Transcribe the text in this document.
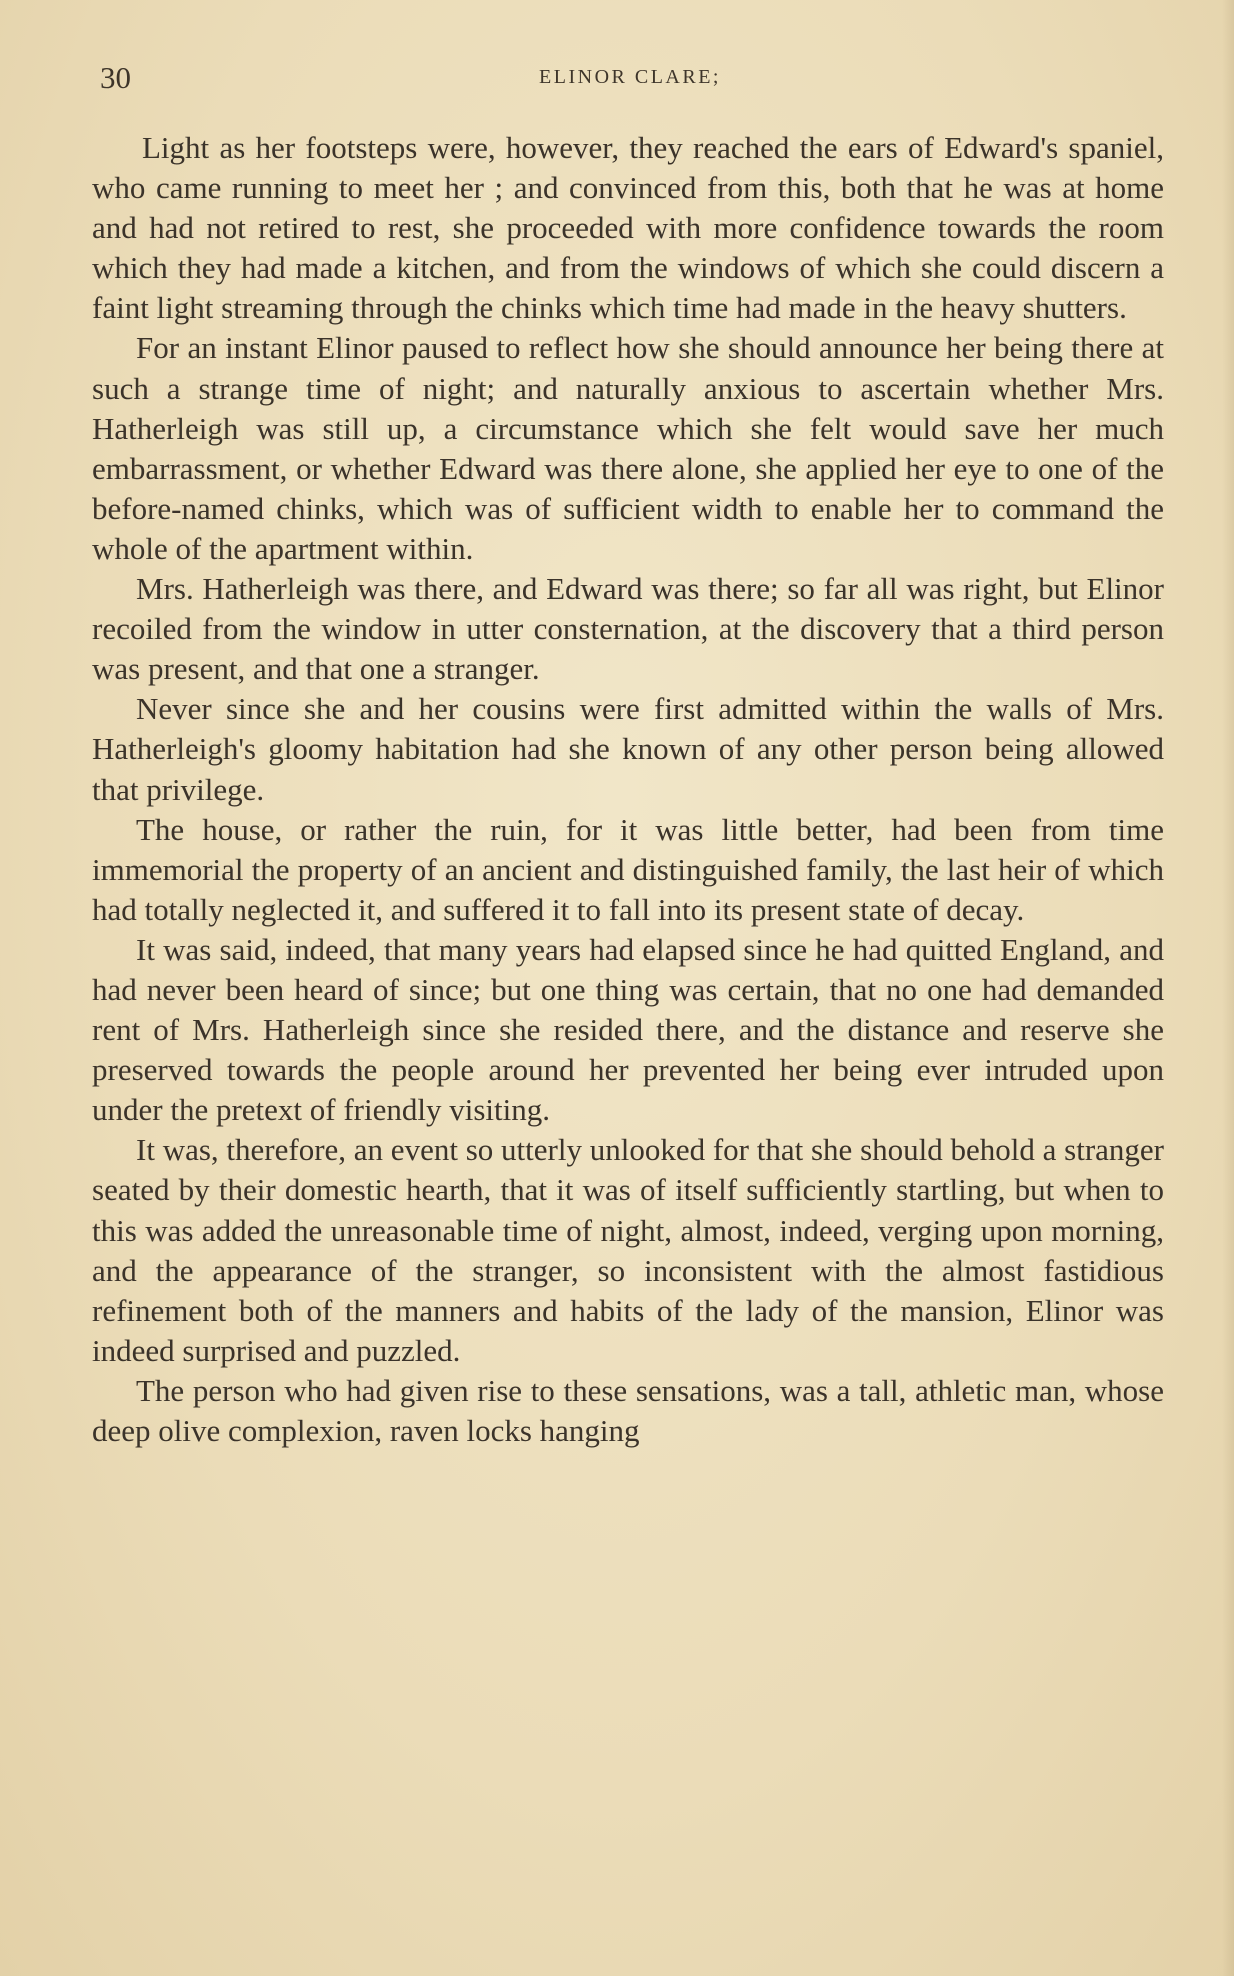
30	ELINOR CLARE;

Light as her footsteps were, however, they reached the ears of Edward's spaniel, who came running to meet her ; and convinced from this, both that he was at home and had not retired to rest, she proceeded with more confidence towards the room which they had made a kitchen, and from the windows of which she could discern a faint light streaming through the chinks which time had made in the heavy shutters.

For an instant Elinor paused to reflect how she should announce her being there at such a strange time of night; and naturally anxious to ascertain whether Mrs. Hatherleigh was still up, a circumstance which she felt would save her much embarrassment, or whether Edward was there alone, she applied her eye to one of the before-named chinks, which was of sufficient width to enable her to command the whole of the apartment within.

Mrs. Hatherleigh was there, and Edward was there; so far all was right, but Elinor recoiled from the window in utter consternation, at the discovery that a third person was present, and that one a stranger.

Never since she and her cousins were first admitted within the walls of Mrs. Hatherleigh's gloomy habitation had she known of any other person being allowed that privilege.

The house, or rather the ruin, for it was little better, had been from time immemorial the property of an ancient and distinguished family, the last heir of which had totally neglected it, and suffered it to fall into its present state of decay.

It was said, indeed, that many years had elapsed since he had quitted England, and had never been heard of since; but one thing was certain, that no one had demanded rent of Mrs. Hatherleigh since she resided there, and the distance and reserve she preserved towards the people around her prevented her being ever intruded upon under the pretext of friendly visiting.

It was, therefore, an event so utterly unlooked for that she should behold a stranger seated by their domestic hearth, that it was of itself sufficiently startling, but when to this was added the unreasonable time of night, almost, indeed, verging upon morning, and the appearance of the stranger, so inconsistent with the almost fastidious refinement both of the manners and habits of the lady of the mansion, Elinor was indeed surprised and puzzled.

The person who had given rise to these sensations, was a tall, athletic man, whose deep olive complexion, raven locks hanging
